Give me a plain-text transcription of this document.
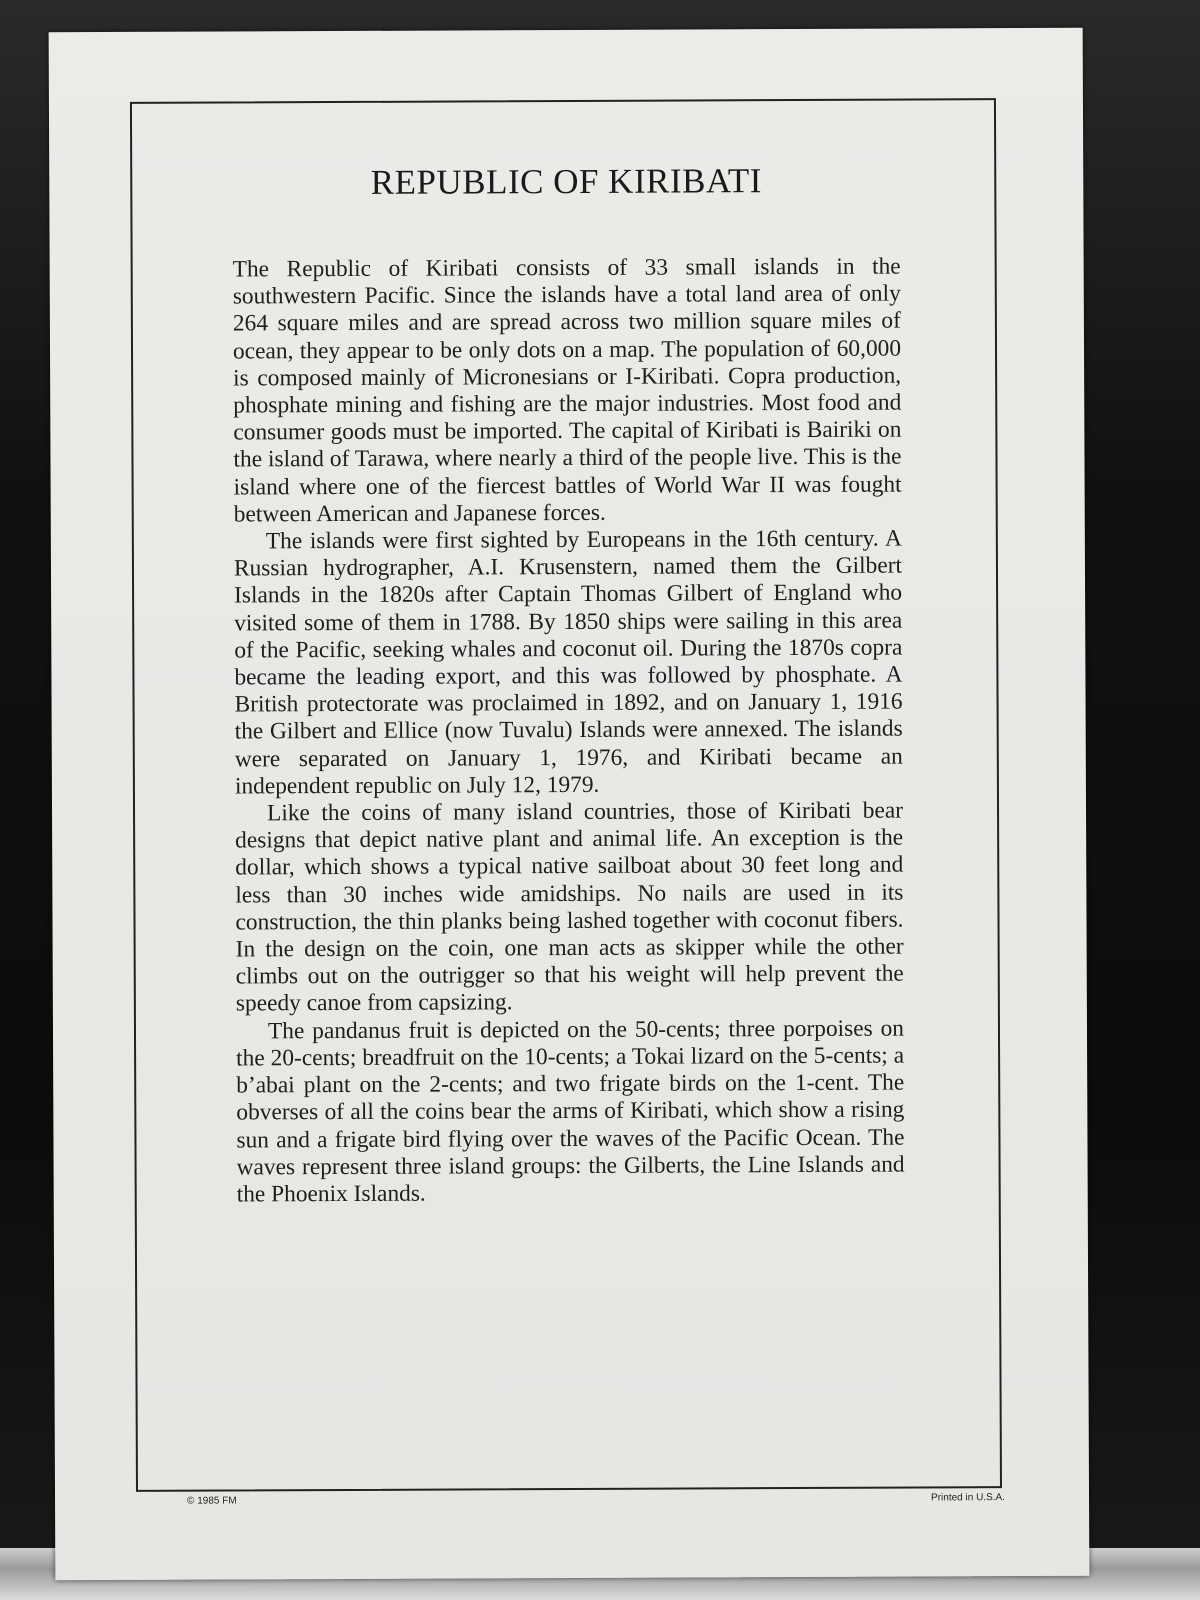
REPUBLIC OF KIRIBATI

The Republic of Kiribati consists of 33 small islands in the southwestern Pacific. Since the islands have a total land area of only 264 square miles and are spread across two million square miles of ocean, they appear to be only dots on a map. The population of 60,000 is composed mainly of Micronesians or I-Kiribati. Copra production, phosphate mining and fishing are the major industries. Most food and consumer goods must be imported. The capital of Kiribati is Bairiki on the island of Tarawa, where nearly a third of the people live. This is the island where one of the fiercest battles of World War II was fought between American and Japanese forces.

The islands were first sighted by Europeans in the 16th century. A Russian hydrographer, A.I. Krusenstern, named them the Gilbert Islands in the 1820s after Captain Thomas Gilbert of England who visited some of them in 1788. By 1850 ships were sailing in this area of the Pacific, seeking whales and coconut oil. During the 1870s copra became the leading export, and this was followed by phosphate. A British protectorate was proclaimed in 1892, and on January 1, 1916 the Gilbert and Ellice (now Tuvalu) Islands were annexed. The islands were separated on January 1, 1976, and Kiribati became an independent republic on July 12, 1979.

Like the coins of many island countries, those of Kiribati bear designs that depict native plant and animal life. An exception is the dollar, which shows a typical native sailboat about 30 feet long and less than 30 inches wide amidships. No nails are used in its construction, the thin planks being lashed together with coconut fibers. In the design on the coin, one man acts as skipper while the other climbs out on the outrigger so that his weight will help prevent the speedy canoe from capsizing.

The pandanus fruit is depicted on the 50-cents; three porpoises on the 20-cents; breadfruit on the 10-cents; a Tokai lizard on the 5-cents; a b’abai plant on the 2-cents; and two frigate birds on the 1-cent. The obverses of all the coins bear the arms of Kiribati, which show a rising sun and a frigate bird flying over the waves of the Pacific Ocean. The waves represent three island groups: the Gilberts, the Line Islands and the Phoenix Islands.

© 1985 FM	Printed in U.S.A.
